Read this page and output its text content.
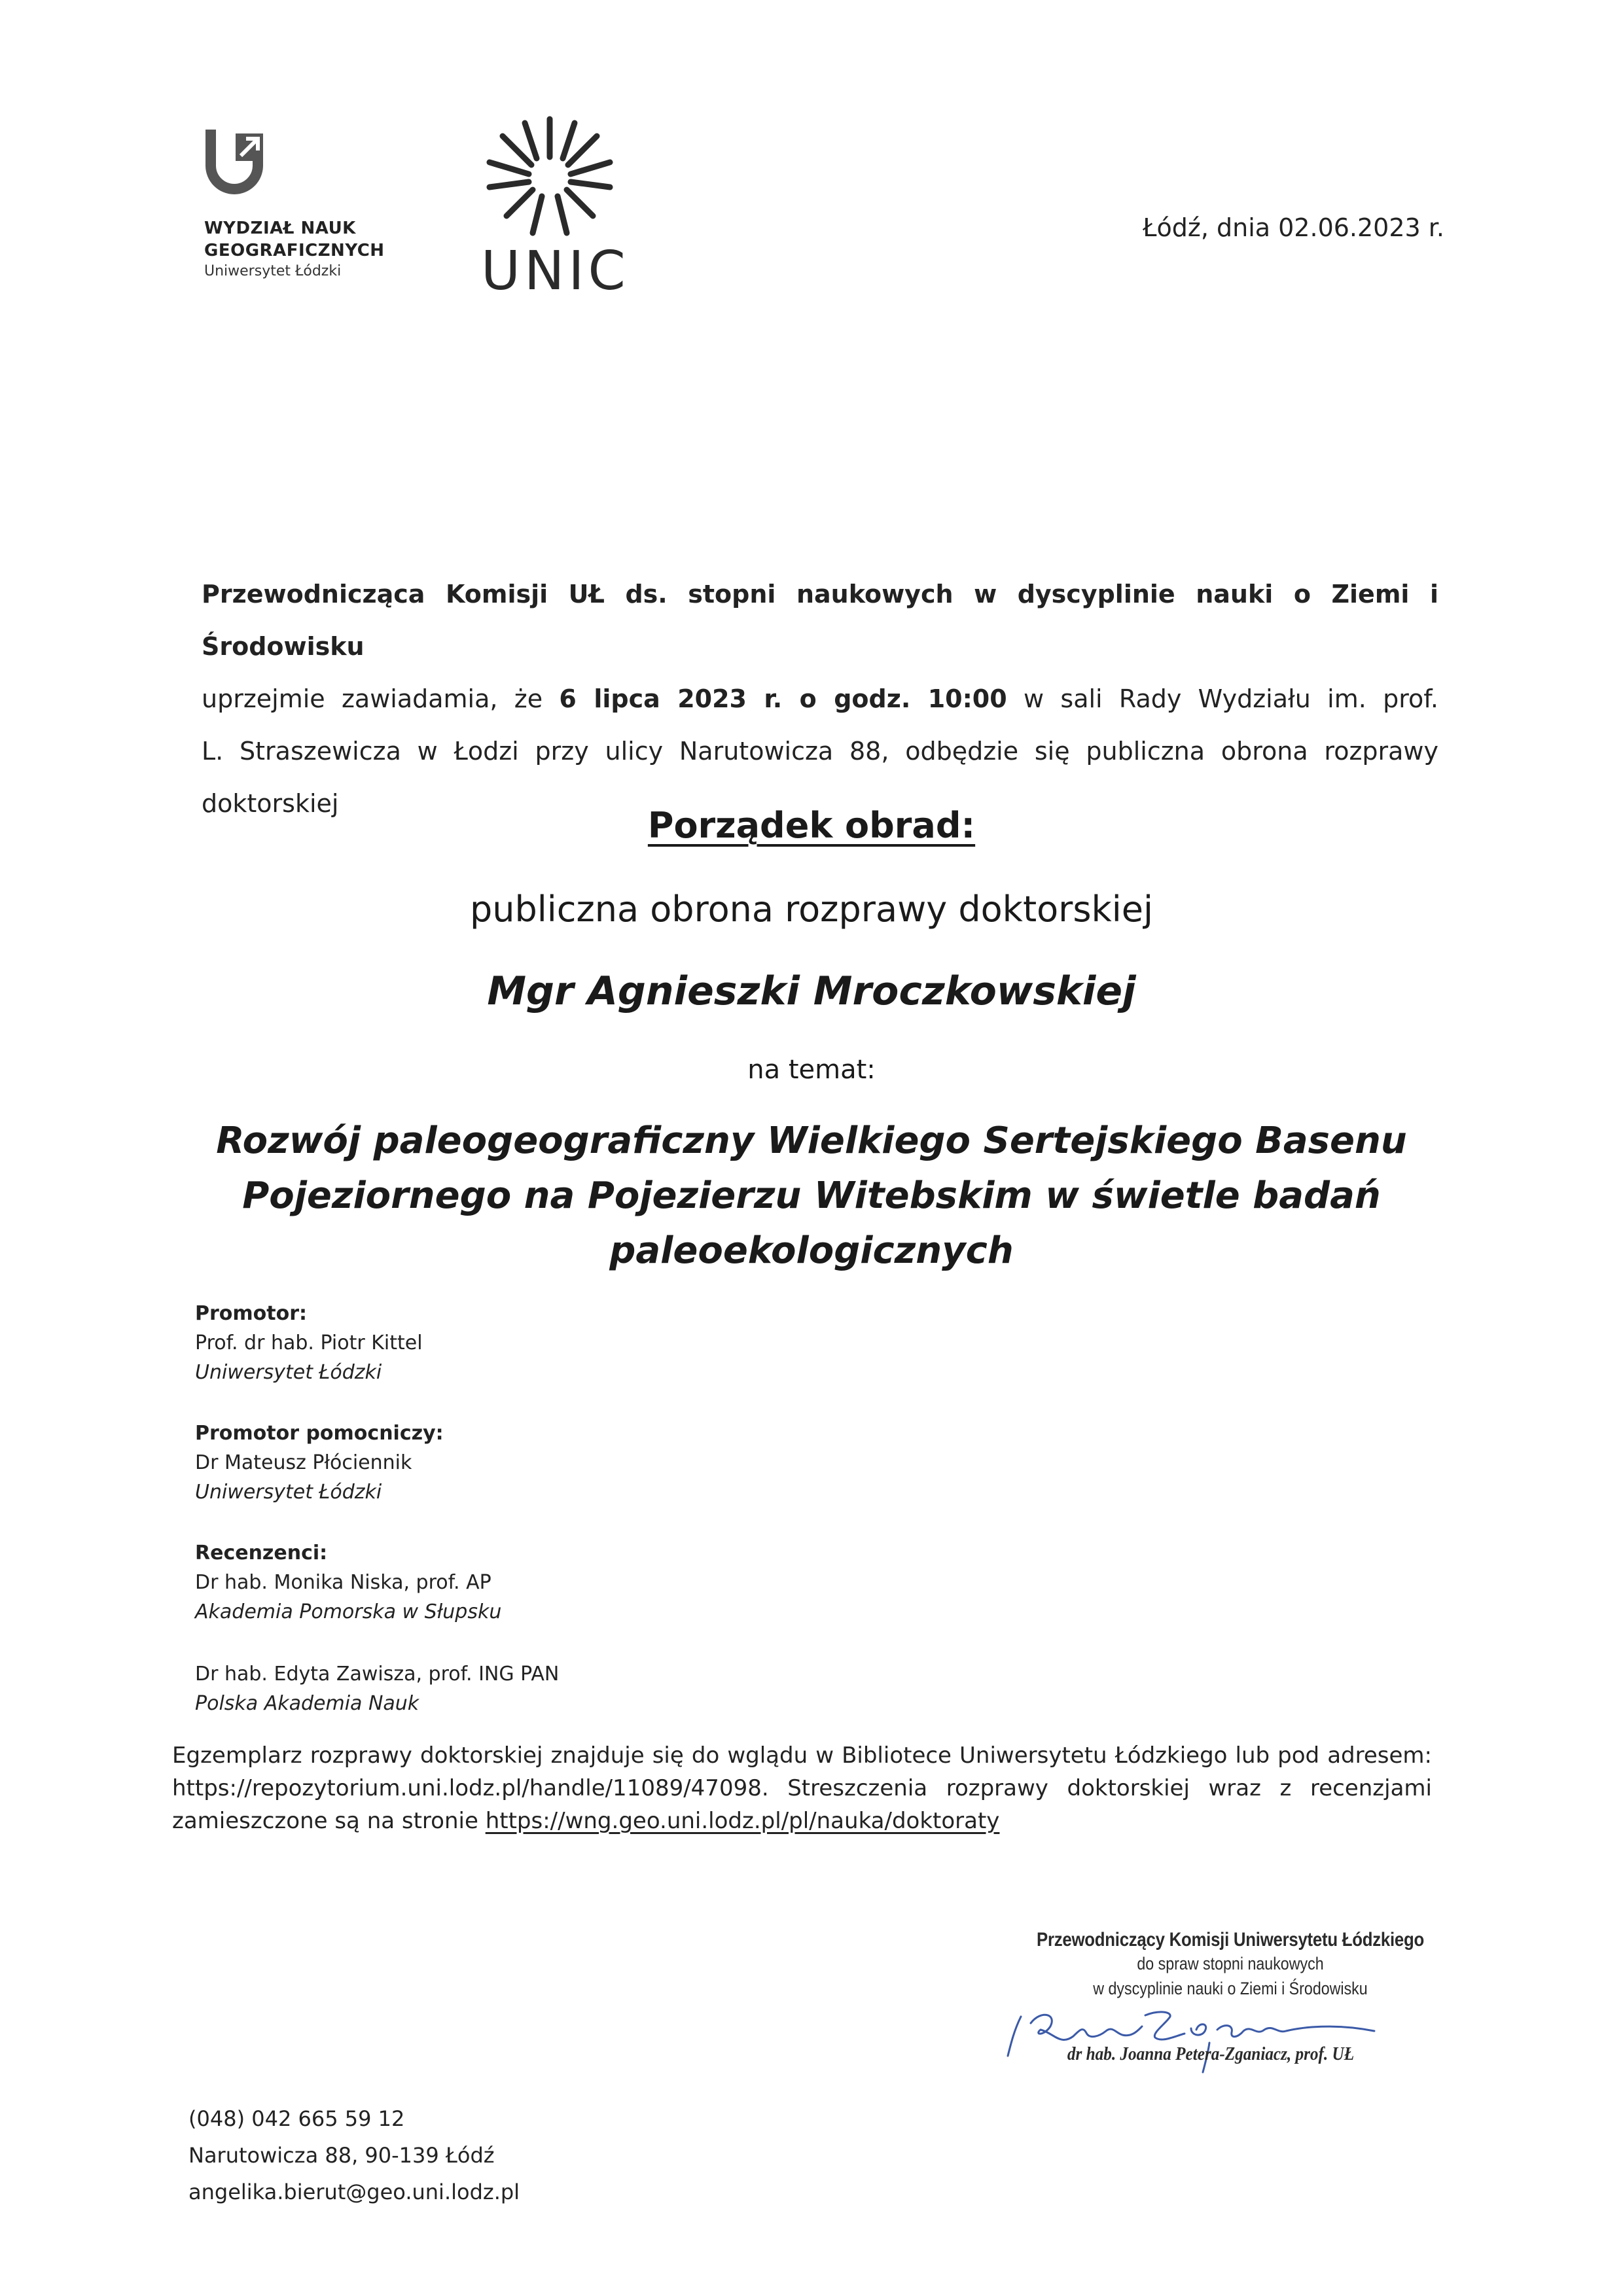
WYDZIAŁ NAUK
GEOGRAFICZNYCH
Uniwersytet Łódzki	UNIC
Łódź, dnia 02.06.2023 r.
Przewodnicząca Komisji UŁ ds. stopni naukowych w dyscyplinie nauki o Ziemi i Środowisku
uprzejmie zawiadamia, że 6 lipca 2023 r. o godz. 10:00 w sali Rady Wydziału im. prof.
L. Straszewicza w Łodzi przy ulicy Narutowicza 88, odbędzie się publiczna obrona rozprawy
doktorskiej
Porządek obrad:
publiczna obrona rozprawy doktorskiej
Mgr Agnieszki Mroczkowskiej
na temat:
Rozwój paleogeograficzny Wielkiego Sertejskiego Basenu
Pojeziornego na Pojezierzu Witebskim w świetle badań
paleoekologicznych
Promotor:
Prof. dr hab. Piotr Kittel
Uniwersytet Łódzki
Promotor pomocniczy:
Dr Mateusz Płóciennik
Uniwersytet Łódzki
Recenzenci:
Dr hab. Monika Niska, prof. AP
Akademia Pomorska w Słupsku
Dr hab. Edyta Zawisza, prof. ING PAN
Polska Akademia Nauk
Egzemplarz rozprawy doktorskiej znajduje się do wglądu w Bibliotece Uniwersytetu Łódzkiego lub pod adresem:
https://repozytorium.uni.lodz.pl/handle/11089/47098. Streszczenia rozprawy doktorskiej wraz z recenzjami
zamieszczone są na stronie https://wng.geo.uni.lodz.pl/pl/nauka/doktoraty
Przewodniczący Komisji Uniwersytetu Łódzkiego
do spraw stopni naukowych
w dyscyplinie nauki o Ziemi i Środowisku
dr hab. Joanna Petera-Zganiacz, prof. UŁ
(048) 042 665 59 12
Narutowicza 88, 90-139 Łódź
angelika.bierut@geo.uni.lodz.pl
